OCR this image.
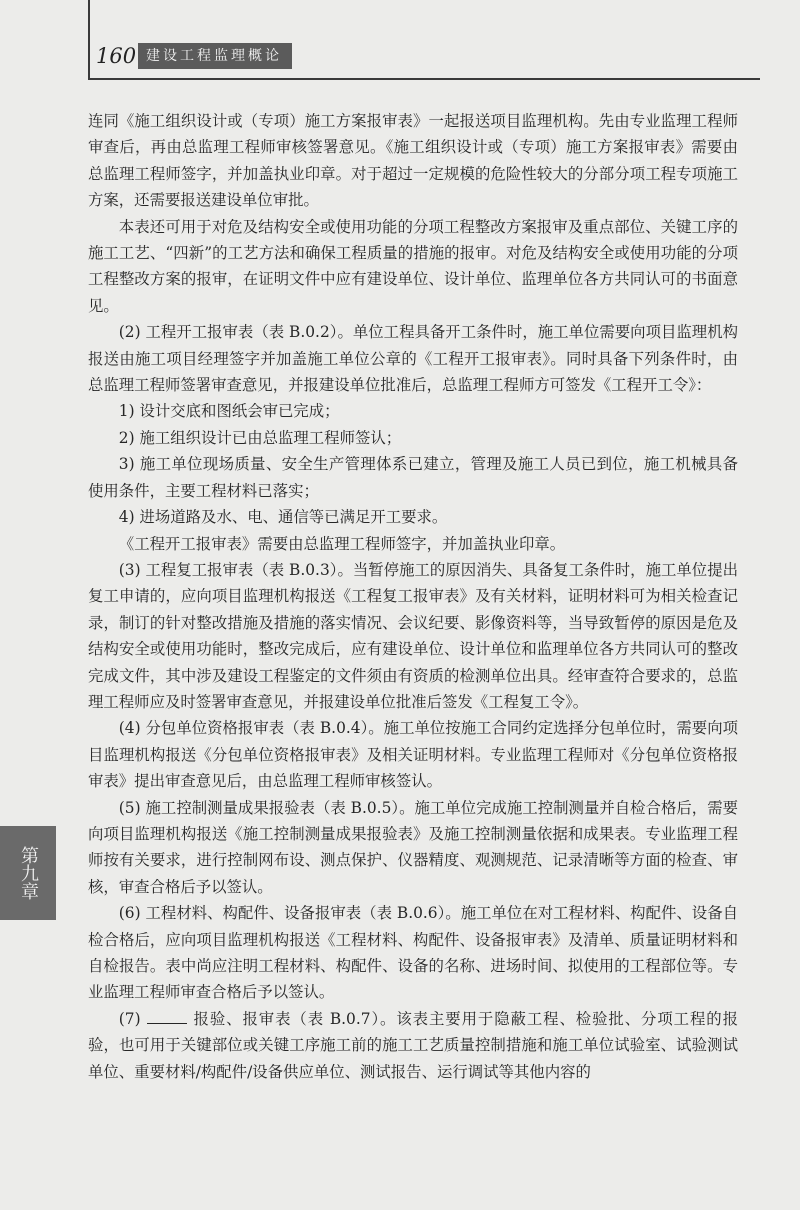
160 建设工程监理概论
第九章

连同《施工组织设计或（专项）施工方案报审表》一起报送项目监理机构。先由专业监理工程师审查后，再由总监理工程师审核签署意见。《施工组织设计或（专项）施工方案报审表》需要由总监理工程师签字，并加盖执业印章。对于超过一定规模的危险性较大的分部分项工程专项施工方案，还需要报送建设单位审批。

本表还可用于对危及结构安全或使用功能的分项工程整改方案报审及重点部位、关键工序的施工工艺、“四新”的工艺方法和确保工程质量的措施的报审。对危及结构安全或使用功能的分项工程整改方案的报审，在证明文件中应有建设单位、设计单位、监理单位各方共同认可的书面意见。

(2) 工程开工报审表（表 B.0.2）。单位工程具备开工条件时，施工单位需要向项目监理机构报送由施工项目经理签字并加盖施工单位公章的《工程开工报审表》。同时具备下列条件时，由总监理工程师签署审查意见，并报建设单位批准后，总监理工程师方可签发《工程开工令》：

1) 设计交底和图纸会审已完成；

2) 施工组织设计已由总监理工程师签认；

3) 施工单位现场质量、安全生产管理体系已建立，管理及施工人员已到位，施工机械具备使用条件，主要工程材料已落实；

4) 进场道路及水、电、通信等已满足开工要求。

《工程开工报审表》需要由总监理工程师签字，并加盖执业印章。

(3) 工程复工报审表（表 B.0.3）。当暂停施工的原因消失、具备复工条件时，施工单位提出复工申请的，应向项目监理机构报送《工程复工报审表》及有关材料，证明材料可为相关检查记录，制订的针对整改措施及措施的落实情况、会议纪要、影像资料等，当导致暂停的原因是危及结构安全或使用功能时，整改完成后，应有建设单位、设计单位和监理单位各方共同认可的整改完成文件，其中涉及建设工程鉴定的文件须由有资质的检测单位出具。经审查符合要求的，总监理工程师应及时签署审查意见，并报建设单位批准后签发《工程复工令》。

(4) 分包单位资格报审表（表 B.0.4）。施工单位按施工合同约定选择分包单位时，需要向项目监理机构报送《分包单位资格报审表》及相关证明材料。专业监理工程师对《分包单位资格报审表》提出审查意见后，由总监理工程师审核签认。

(5) 施工控制测量成果报验表（表 B.0.5）。施工单位完成施工控制测量并自检合格后，需要向项目监理机构报送《施工控制测量成果报验表》及施工控制测量依据和成果表。专业监理工程师按有关要求，进行控制网布设、测点保护、仪器精度、观测规范、记录清晰等方面的检查、审核，审查合格后予以签认。

(6) 工程材料、构配件、设备报审表（表 B.0.6）。施工单位在对工程材料、构配件、设备自检合格后，应向项目监理机构报送《工程材料、构配件、设备报审表》及清单、质量证明材料和自检报告。表中尚应注明工程材料、构配件、设备的名称、进场时间、拟使用的工程部位等。专业监理工程师审查合格后予以签认。

(7)	报验、报审表（表 B.0.7）。该表主要用于隐蔽工程、检验批、分项工程的报验，也可用于关键部位或关键工序施工前的施工工艺质量控制措施和施工单位试验室、试验测试单位、重要材料/构配件/设备供应单位、测试报告、运行调试等其他内容的
